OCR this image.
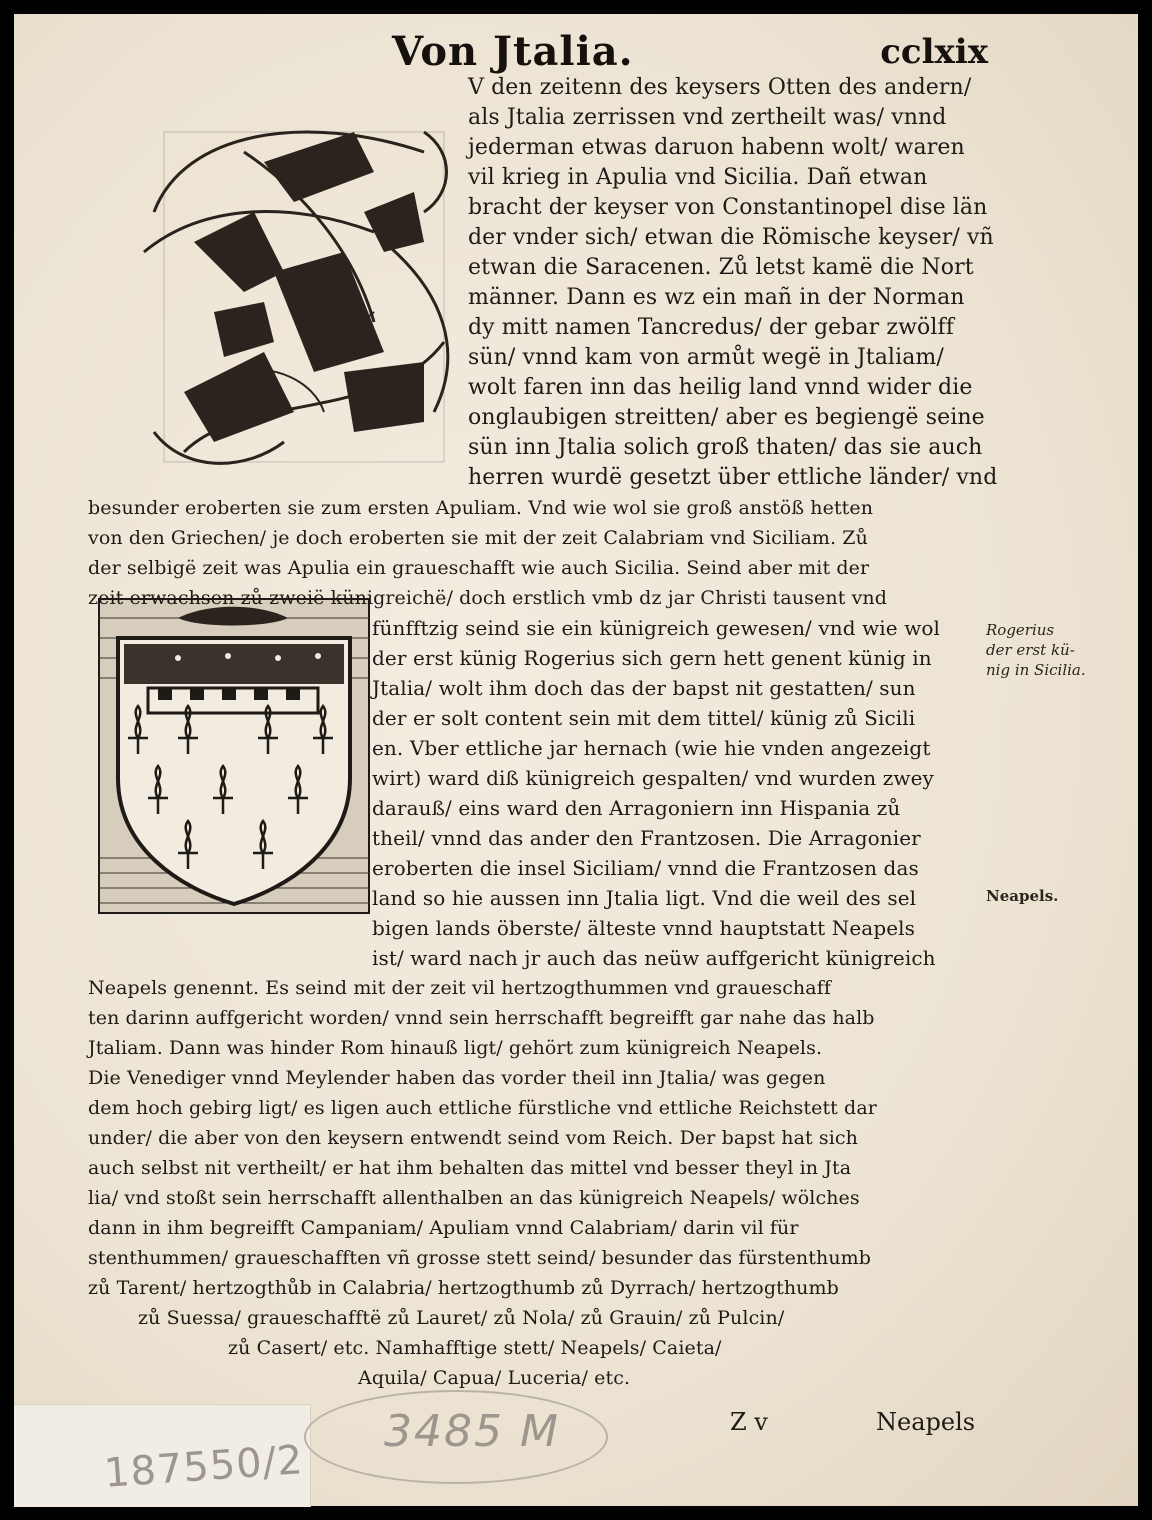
Von Jtalia.	cclxix
V den zeitenn des keysers Otten des andern/
als Jtalia zerrissen vnd zertheilt was/ vnnd
jederman etwas daruon habenn wolt/ waren
vil krieg in Apulia vnd Sicilia. Dañ etwan
bracht der keyser von Constantinopel dise län
der vnder sich/ etwan die Römische keyser/ vñ
etwan die Saracenen. Zů letst kamë die Nort
männer. Dann es wz ein mañ in der Norman
dy mitt namen Tancredus/ der gebar zwölff
sün/ vnnd kam von armůt wegë in Jtaliam/
wolt faren inn das heilig land vnnd wider die
onglaubigen streitten/ aber es begiengë seine
sün inn Jtalia solich groß thaten/ das sie auch
herren wurdë gesetzt über ettliche länder/ vnd
besunder eroberten sie zum ersten Apuliam. Vnd wie wol sie groß anstöß hetten
von den Griechen/ je doch eroberten sie mit der zeit Calabriam vnd Siciliam. Zů
der selbigë zeit was Apulia ein graueschafft wie auch Sicilia. Seind aber mit der
zeit erwachsen zů zweië künigreichë/ doch erstlich vmb dz jar Christi tausent vnd
fünfftzig seind sie ein künigreich gewesen/ vnd wie wol
der erst künig Rogerius sich gern hett genent künig in
Jtalia/ wolt ihm doch das der bapst nit gestatten/ sun
der er solt content sein mit dem tittel/ künig zů Sicili
en. Vber ettliche jar hernach (wie hie vnden angezeigt
wirt) ward diß künigreich gespalten/ vnd wurden zwey
darauß/ eins ward den Arragoniern inn Hispania zů
theil/ vnnd das ander den Frantzosen. Die Arragonier
eroberten die insel Siciliam/ vnnd die Frantzosen das
land so hie aussen inn Jtalia ligt. Vnd die weil des sel
bigen lands öberste/ älteste vnnd hauptstatt Neapels
ist/ ward nach jr auch das neüw auffgericht künigreich
Neapels genennt. Es seind mit der zeit vil hertzogthummen vnd graueschaff
ten darinn auffgericht worden/ vnnd sein herrschafft begreifft gar nahe das halb
Jtaliam. Dann was hinder Rom hinauß ligt/ gehört zum künigreich Neapels.
Die Venediger vnnd Meylender haben das vorder theil inn Jtalia/ was gegen
dem hoch gebirg ligt/ es ligen auch ettliche fürstliche vnd ettliche Reichstett dar
under/ die aber von den keysern entwendt seind vom Reich. Der bapst hat sich
auch selbst nit vertheilt/ er hat ihm behalten das mittel vnd besser theyl in Jta
lia/ vnd stoßt sein herrschafft allenthalben an das künigreich Neapels/ wölches
dann in ihm begreifft Campaniam/ Apuliam vnnd Calabriam/ darin vil für
stenthummen/ graueschafften vñ grosse stett seind/ besunder das fürstenthumb
zů Tarent/ hertzogthůb in Calabria/ hertzogthumb zů Dyrrach/ hertzogthumb
zů Suessa/ graueschafftë zů Lauret/ zů Nola/ zů Grauin/ zů Pulcin/
zů Casert/ etc. Namhafftige stett/ Neapels/ Caieta/
Aquila/ Capua/ Luceria/ etc.
Rogerius
der erst kü-
nig in Sicilia.
Neapels.
Z v	Neapels
3485 M
187550/2
